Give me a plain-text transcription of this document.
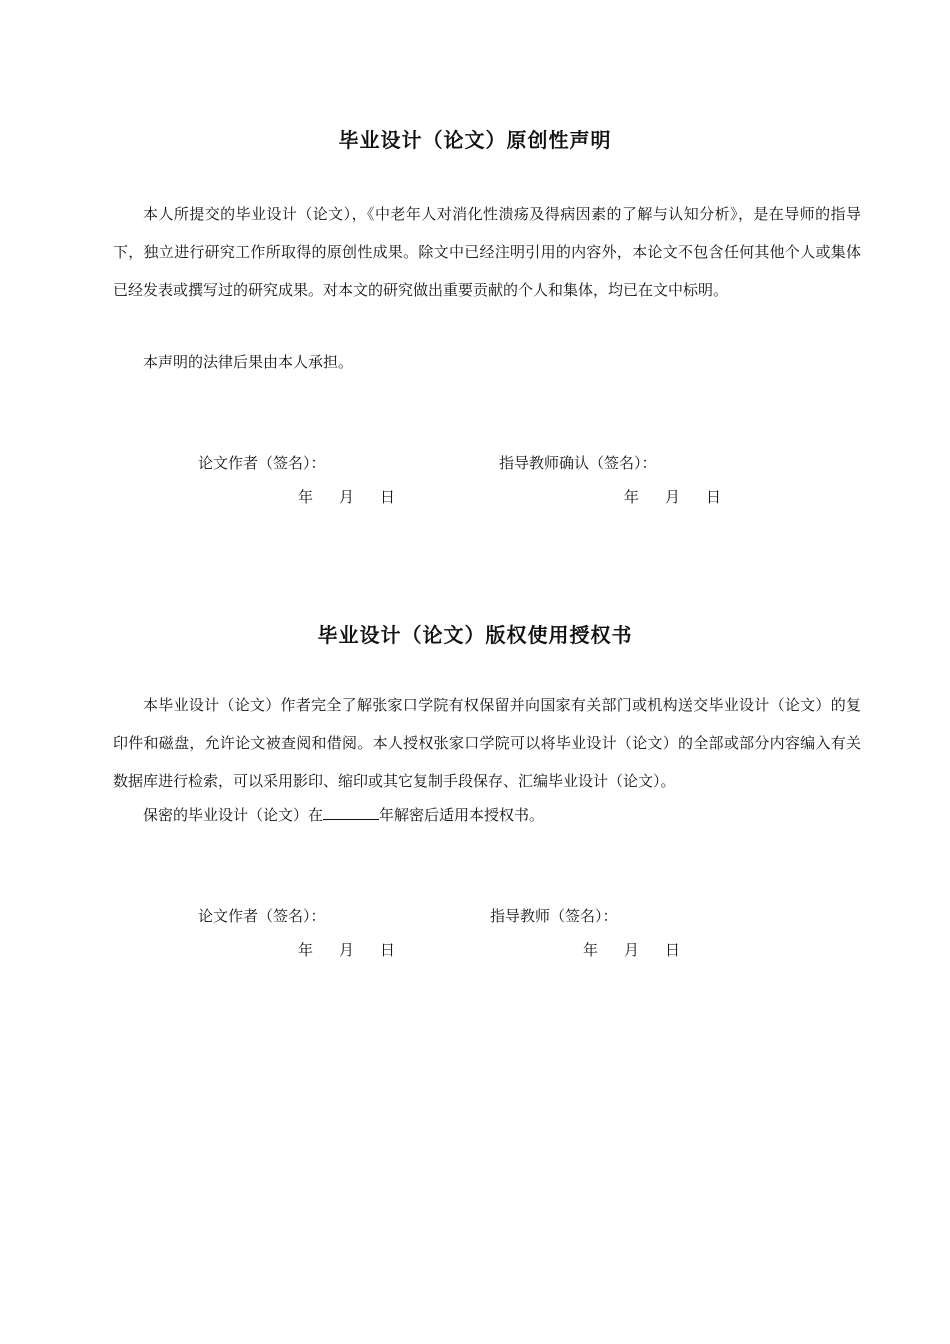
毕业设计（论文）原创性声明

本人所提交的毕业设计（论文），《中老年人对消化性溃疡及得病因素的了解与认知分析》，是在导师的指导下，独立进行研究工作所取得的原创性成果。除文中已经注明引用的内容外，本论文不包含任何其他个人或集体已经发表或撰写过的研究成果。对本文的研究做出重要贡献的个人和集体，均已在文中标明。

本声明的法律后果由本人承担。

论文作者（签名）：	指导教师确认（签名）：
年 月 日	年 月 日
毕业设计（论文）版权使用授权书

本毕业设计（论文）作者完全了解张家口学院有权保留并向国家有关部门或机构送交毕业设计（论文）的复印件和磁盘，允许论文被查阅和借阅。本人授权张家口学院可以将毕业设计（论文）的全部或部分内容编入有关数据库进行检索，可以采用影印、缩印或其它复制手段保存、汇编毕业设计（论文）。

保密的毕业设计（论文）在	年解密后适用本授权书。

论文作者（签名）：	指导教师（签名）：
年 月 日	年 月 日
